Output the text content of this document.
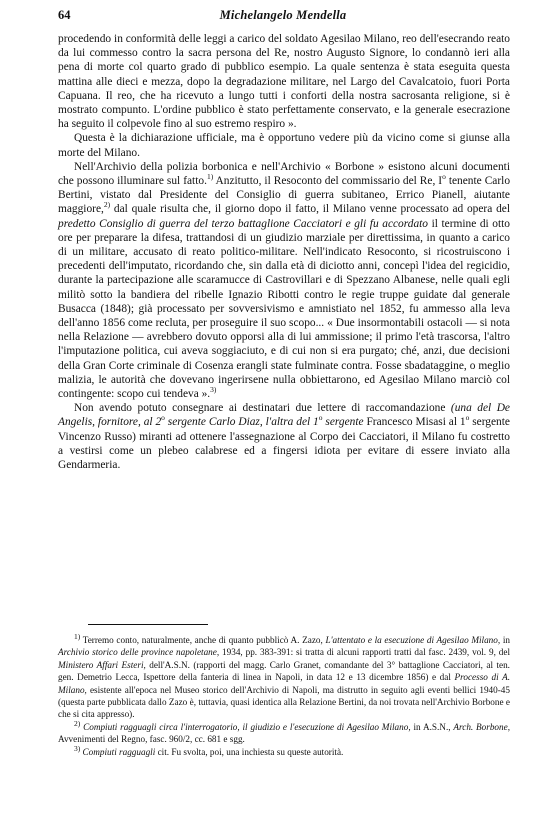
64	Michelangelo Mendella

procedendo in conformità delle leggi a carico del soldato Agesilao Milano, reo dell'esecrando reato da lui commesso contro la sacra persona del Re, nostro Augusto Signore, lo condannò ieri alla pena di morte col quarto grado di pubblico esempio. La quale sentenza è stata eseguita questa mattina alle dieci e mezza, dopo la degradazione militare, nel Largo del Cavalcatoio, fuori Porta Capuana. Il reo, che ha ricevuto a lungo tutti i conforti della nostra sacrosanta religione, si è mostrato compunto. L'ordine pubblico è stato perfettamente conservato, e la generale esecrazione ha seguito il colpevole fino al suo estremo respiro ».

Questa è la dichiarazione ufficiale, ma è opportuno vedere più da vicino come si giunse alla morte del Milano.

Nell'Archivio della polizia borbonica e nell'Archivio « Borbone » esistono alcuni documenti che possono illuminare sul fatto.$^{1)}$ Anzitutto, il Resoconto del commissario del Re, $I^o$ tenente Carlo Bertini, vistato dal Presidente del Consiglio di guerra subitaneo, Errico Pianell, aiutante maggiore,$^{2)}$ dal quale risulta che, il giorno dopo il fatto, il Milano venne processato ad opera del predetto Consiglio di guerra del terzo battaglione Cacciatori e gli fu accordato il termine di otto ore per preparare la difesa, trattandosi di un giudizio marziale per direttissima, in quanto a carico di un militare, accusato di reato politico-militare. Nell'indicato Resoconto, si ricostruiscono i precedenti dell'imputato, ricordando che, sin dalla età di diciotto anni, concepì l'idea del regicidio, durante la partecipazione alle scaramucce di Castrovillari e di Spezzano Albanese, nelle quali egli militò sotto la bandiera del ribelle Ignazio Ribotti contro le regie truppe guidate dal generale Busacca (1848); già processato per sovversivismo e amnistiato nel 1852, fu ammesso alla leva dell'anno 1856 come recluta, per proseguire il suo scopo... « Due insormontabili ostacoli — si nota nella Relazione — avrebbero dovuto opporsi alla di lui ammissione; il primo l'età trascorsa, l'altro l'imputazione politica, cui aveva soggiaciuto, e di cui non si era purgato; ché, anzi, due decisioni della Gran Corte criminale di Cosenza erangli state fulminate contra. Fosse sbadataggine, o meglio malizia, le autorità che dovevano ingerirsene nulla obbiettarono, ed Agesilao Milano marciò col contingente: scopo cui tendeva ».$^{3)}$

Non avendo potuto consegnare ai destinatari due lettere di raccomandazione (una del De Angelis, fornitore, al 2$^o$ sergente Carlo Diaz, l'altra del 1$^o$ sergente Francesco Misasi al 1$^o$ sergente Vincenzo Russo) miranti ad ottenere l'assegnazione al Corpo dei Cacciatori, il Milano fu costretto a vestirsi come un plebeo calabrese ed a fingersi idiota per evitare di essere inviato alla Gendarmeria.

$^{1)}$ Terremo conto, naturalmente, anche di quanto pubblicò A. Zazo, L'attentato e la esecuzione di Agesilao Milano, in Archivio storico delle province napoletane, 1934, pp. 383-391: si tratta di alcuni rapporti tratti dal fasc. 2439, vol. 9, del Ministero Affari Esteri, dell'A.S.N. (rapporti del magg. Carlo Granet, comandante del 3° battaglione Cacciatori, al ten. gen. Demetrio Lecca, Ispettore della fanteria di linea in Napoli, in data 12 e 13 dicembre 1856) e dal Processo di A. Milano, esistente all'epoca nel Museo storico dell'Archivio di Napoli, ma distrutto in seguito agli eventi bellici 1940-45 (questa parte pubblicata dallo Zazo è, tuttavia, quasi identica alla Relazione Bertini, da noi trovata nell'Archivio Borbone e che si cita appresso).

$^{2)}$ Compiuti ragguagli circa l'interrogatorio, il giudizio e l'esecuzione di Agesilao Milano, in A.S.N., Arch. Borbone, Avvenimenti del Regno, fasc. 960/2, cc. 681 e sgg.

$^{3)}$ Compiuti ragguagli cit. Fu svolta, poi, una inchiesta su queste autorità.
